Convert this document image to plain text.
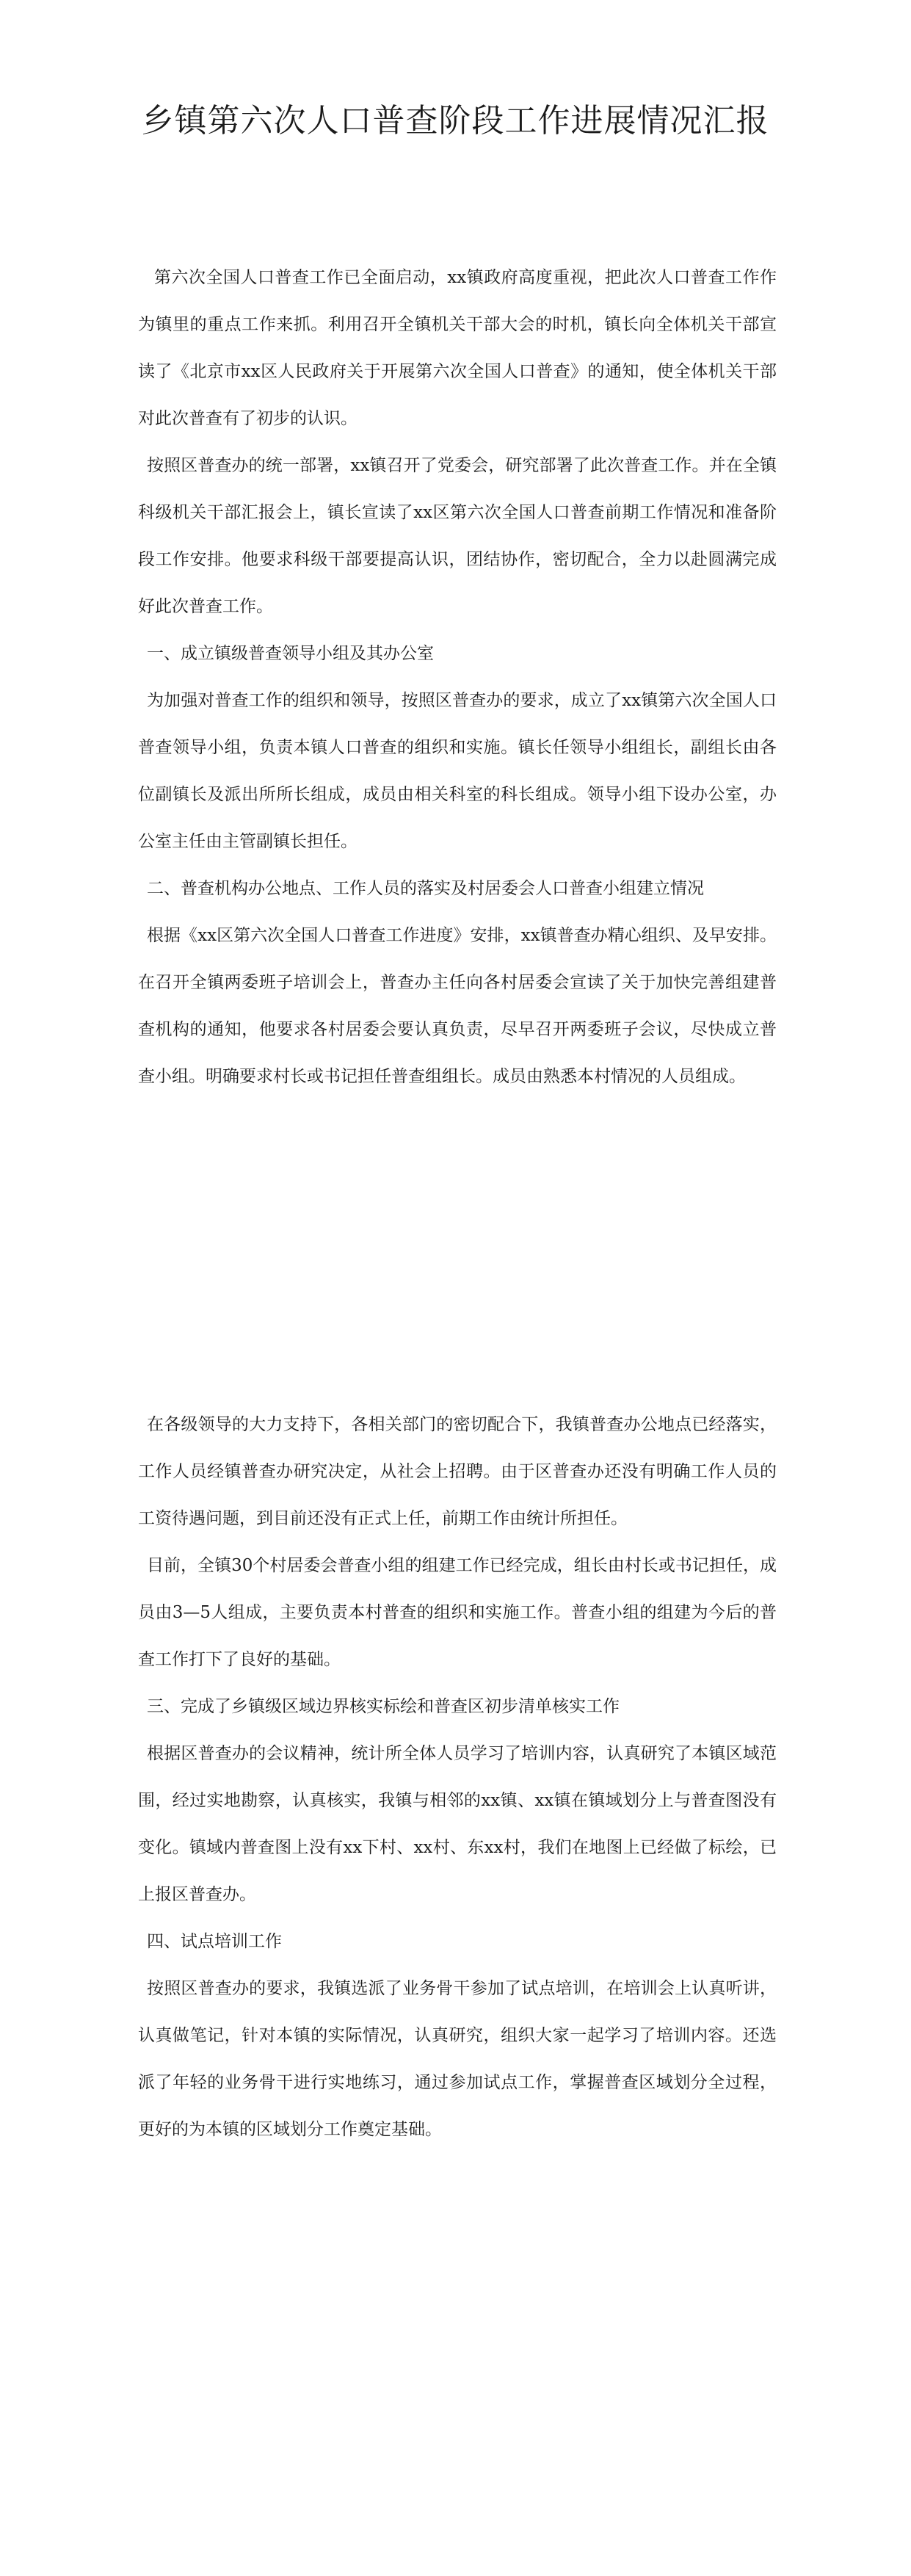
乡镇第六次人口普查阶段工作进展情况汇报

第六次全国人口普查工作已全面启动，xx镇政府高度重视，把此次人口普查工作作为镇里的重点工作来抓。利用召开全镇机关干部大会的时机，镇长向全体机关干部宣读了《北京市xx区人民政府关于开展第六次全国人口普查》的通知，使全体机关干部对此次普查有了初步的认识。

按照区普查办的统一部署，xx镇召开了党委会，研究部署了此次普查工作。并在全镇科级机关干部汇报会上，镇长宣读了xx区第六次全国人口普查前期工作情况和准备阶段工作安排。他要求科级干部要提高认识，团结协作，密切配合，全力以赴圆满完成好此次普查工作。

一、成立镇级普查领导小组及其办公室

为加强对普查工作的组织和领导，按照区普查办的要求，成立了xx镇第六次全国人口普查领导小组，负责本镇人口普查的组织和实施。镇长任领导小组组长，副组长由各位副镇长及派出所所长组成，成员由相关科室的科长组成。领导小组下设办公室，办公室主任由主管副镇长担任。

二、普查机构办公地点、工作人员的落实及村居委会人口普查小组建立情况

根据《xx区第六次全国人口普查工作进度》安排，xx镇普查办精心组织、及早安排。在召开全镇两委班子培训会上，普查办主任向各村居委会宣读了关于加快完善组建普查机构的通知，他要求各村居委会要认真负责，尽早召开两委班子会议，尽快成立普查小组。明确要求村长或书记担任普查组组长。成员由熟悉本村情况的人员组成。

在各级领导的大力支持下，各相关部门的密切配合下，我镇普查办公地点已经落实，工作人员经镇普查办研究决定，从社会上招聘。由于区普查办还没有明确工作人员的工资待遇问题，到目前还没有正式上任，前期工作由统计所担任。

目前，全镇30个村居委会普查小组的组建工作已经完成，组长由村长或书记担任，成员由3—5人组成，主要负责本村普查的组织和实施工作。普查小组的组建为今后的普查工作打下了良好的基础。

三、完成了乡镇级区域边界核实标绘和普查区初步清单核实工作

根据区普查办的会议精神，统计所全体人员学习了培训内容，认真研究了本镇区域范围，经过实地勘察，认真核实，我镇与相邻的xx镇、xx镇在镇域划分上与普查图没有变化。镇域内普查图上没有xx下村、xx村、东xx村，我们在地图上已经做了标绘，已上报区普查办。

四、试点培训工作

按照区普查办的要求，我镇选派了业务骨干参加了试点培训，在培训会上认真听讲，认真做笔记，针对本镇的实际情况，认真研究，组织大家一起学习了培训内容。还选派了年轻的业务骨干进行实地练习，通过参加试点工作，掌握普查区域划分全过程，更好的为本镇的区域划分工作奠定基础。
